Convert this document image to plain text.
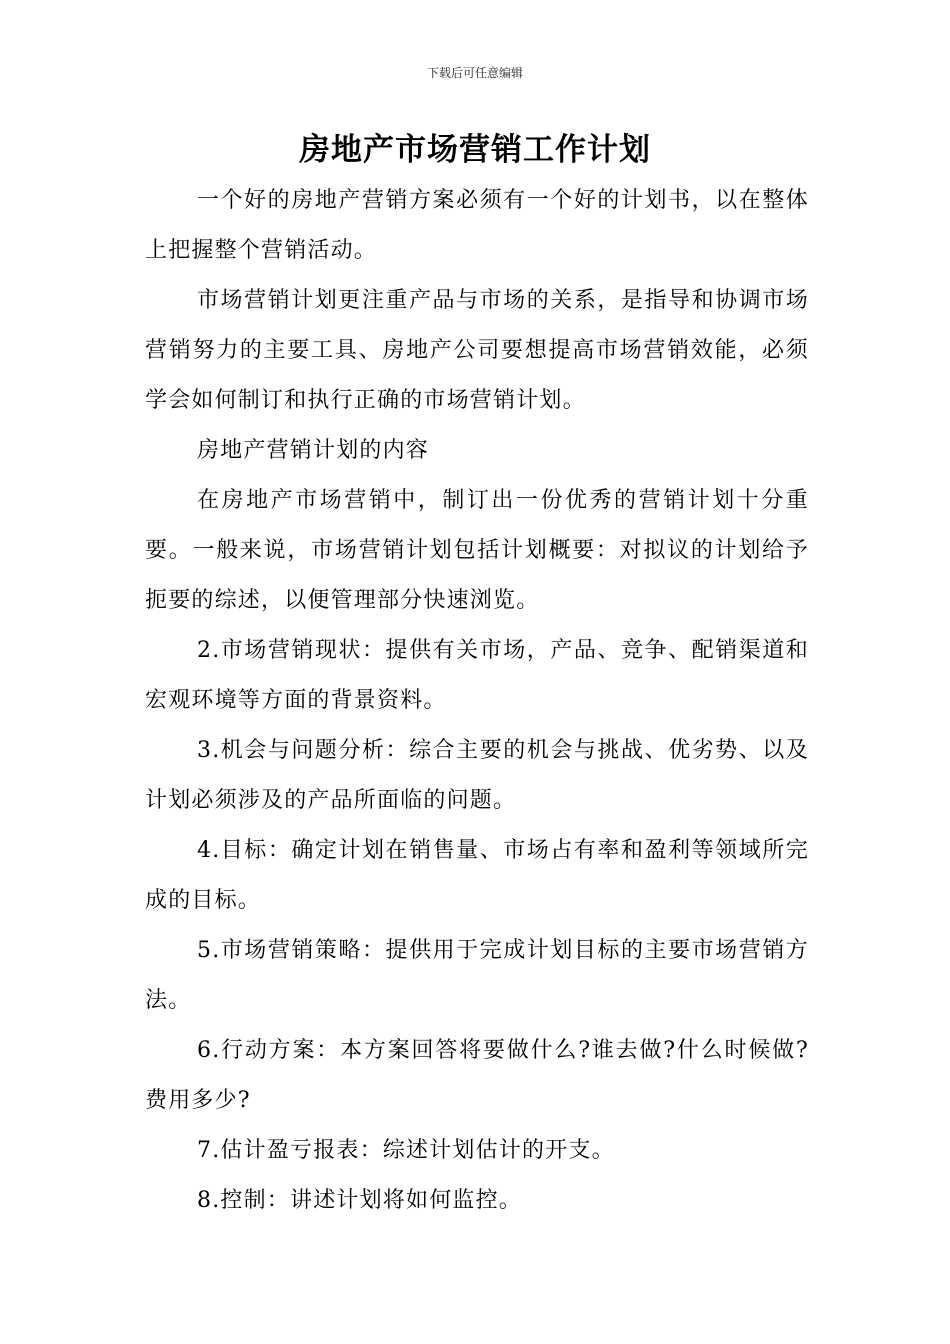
下载后可任意编辑
房地产市场营销工作计划

一个好的房地产营销方案必须有一个好的计划书，以在整体上把握整个营销活动。

市场营销计划更注重产品与市场的关系，是指导和协调市场营销努力的主要工具、房地产公司要想提高市场营销效能，必须学会如何制订和执行正确的市场营销计划。

房地产营销计划的内容

在房地产市场营销中，制订出一份优秀的营销计划十分重要。一般来说，市场营销计划包括计划概要：对拟议的计划给予扼要的综述，以便管理部分快速浏览。

2.市场营销现状：提供有关市场，产品、竞争、配销渠道和宏观环境等方面的背景资料。

3.机会与问题分析：综合主要的机会与挑战、优劣势、以及计划必须涉及的产品所面临的问题。

4.目标：确定计划在销售量、市场占有率和盈利等领域所完成的目标。

5.市场营销策略：提供用于完成计划目标的主要市场营销方法。

6.行动方案：本方案回答将要做什么?谁去做?什么时候做?费用多少?

7.估计盈亏报表：综述计划估计的开支。

8.控制：讲述计划将如何监控。
